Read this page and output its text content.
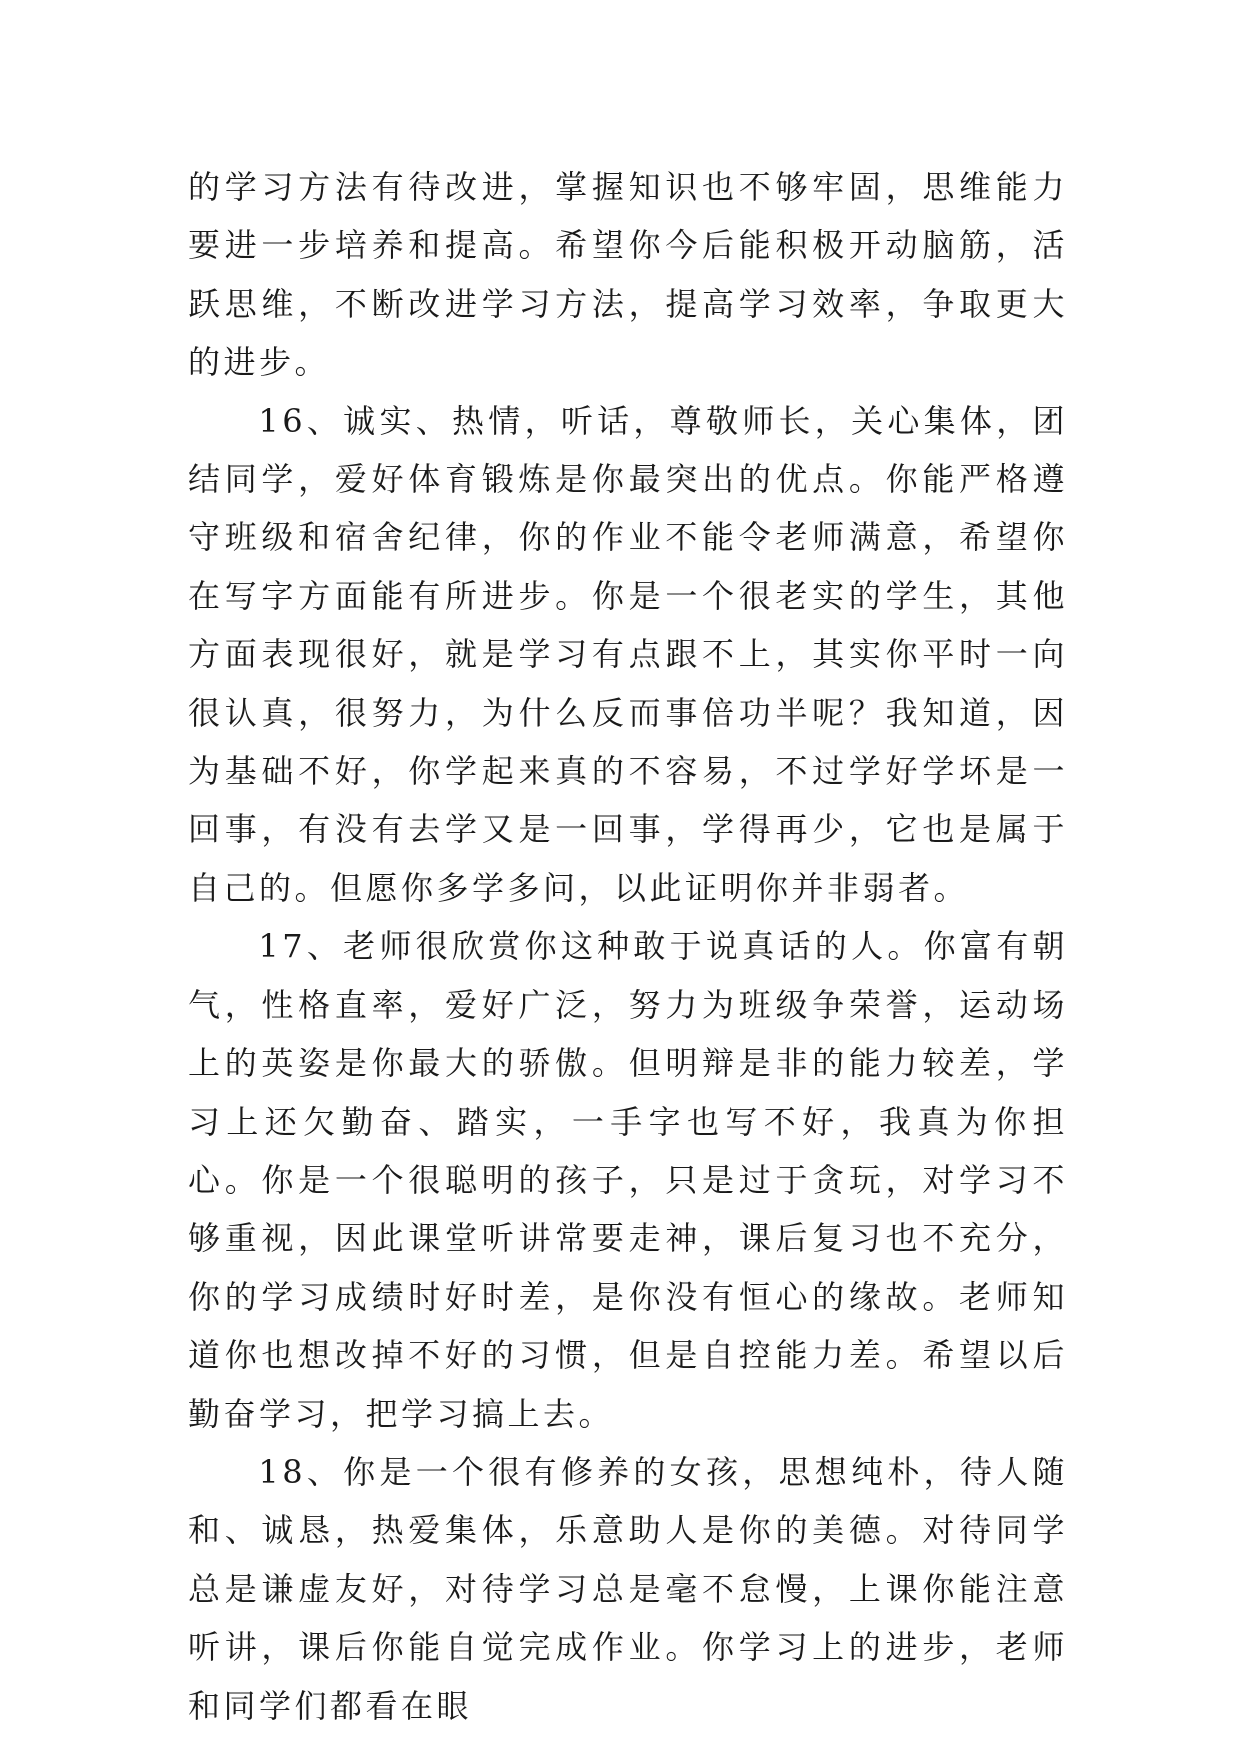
的学习方法有待改进，掌握知识也不够牢固，思维能力要进一步培养和提高。希望你今后能积极开动脑筋，活跃思维，不断改进学习方法，提高学习效率，争取更大的进步。

16、诚实、热情，听话，尊敬师长，关心集体，团结同学，爱好体育锻炼是你最突出的优点。你能严格遵守班级和宿舍纪律，你的作业不能令老师满意，希望你在写字方面能有所进步。你是一个很老实的学生，其他方面表现很好，就是学习有点跟不上，其实你平时一向很认真，很努力，为什么反而事倍功半呢？我知道，因为基础不好，你学起来真的不容易，不过学好学坏是一回事，有没有去学又是一回事，学得再少，它也是属于自己的。但愿你多学多问，以此证明你并非弱者。

17、老师很欣赏你这种敢于说真话的人。你富有朝气，性格直率，爱好广泛，努力为班级争荣誉，运动场上的英姿是你最大的骄傲。但明辩是非的能力较差，学习上还欠勤奋、踏实，一手字也写不好，我真为你担心。你是一个很聪明的孩子，只是过于贪玩，对学习不够重视，因此课堂听讲常要走神，课后复习也不充分，你的学习成绩时好时差，是你没有恒心的缘故。老师知道你也想改掉不好的习惯，但是自控能力差。希望以后勤奋学习，把学习搞上去。

18、你是一个很有修养的女孩，思想纯朴，待人随和、诚恳，热爱集体，乐意助人是你的美德。对待同学总是谦虚友好，对待学习总是毫不怠慢，上课你能注意听讲，课后你能自觉完成作业。你学习上的进步，老师和同学们都看在眼
